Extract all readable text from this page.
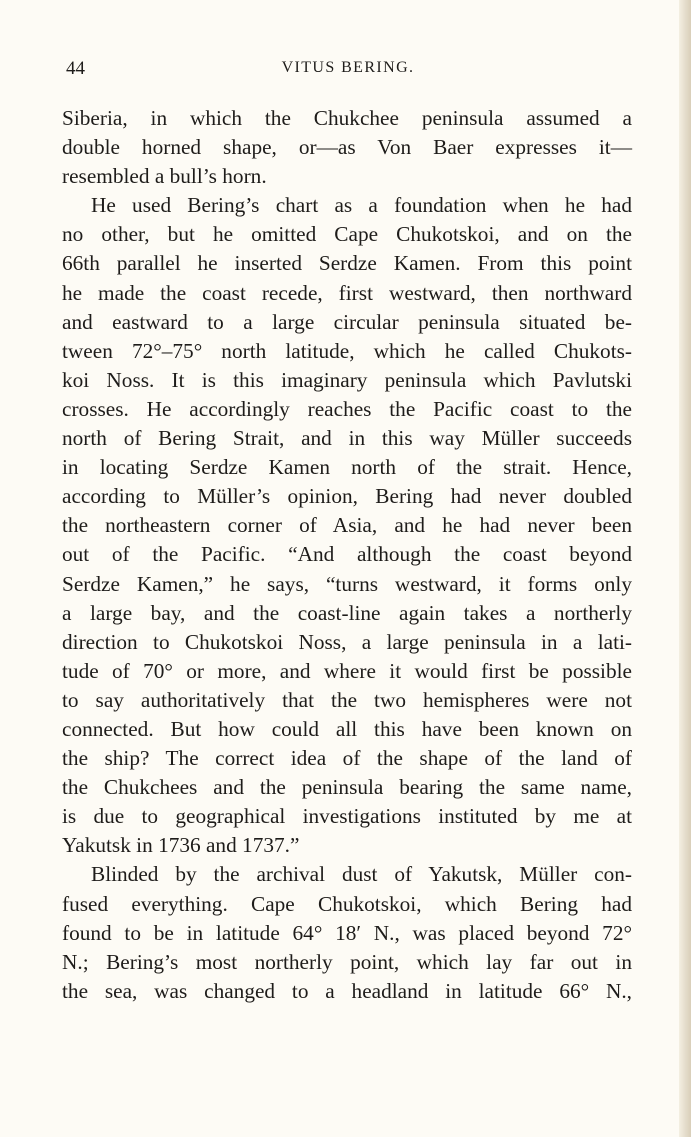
44	VITUS BERING.
Siberia, in which the Chukchee peninsula assumed a
double horned shape, or—as Von Baer expresses it—
resembled a bull’s horn.
He used Bering’s chart as a foundation when he had
no other, but he omitted Cape Chukotskoi, and on the
66th parallel he inserted Serdze Kamen. From this point
he made the coast recede, first westward, then northward
and eastward to a large circular peninsula situated be-
tween 72°–75° north latitude, which he called Chukots-
koi Noss. It is this imaginary peninsula which Pavlutski
crosses. He accordingly reaches the Pacific coast to the
north of Bering Strait, and in this way Müller succeeds
in locating Serdze Kamen north of the strait. Hence,
according to Müller’s opinion, Bering had never doubled
the northeastern corner of Asia, and he had never been
out of the Pacific. “And although the coast beyond
Serdze Kamen,” he says, “turns westward, it forms only
a large bay, and the coast-line again takes a northerly
direction to Chukotskoi Noss, a large peninsula in a lati-
tude of 70° or more, and where it would first be possible
to say authoritatively that the two hemispheres were not
connected. But how could all this have been known on
the ship? The correct idea of the shape of the land of
the Chukchees and the peninsula bearing the same name,
is due to geographical investigations instituted by me at
Yakutsk in 1736 and 1737.”
Blinded by the archival dust of Yakutsk, Müller con-
fused everything. Cape Chukotskoi, which Bering had
found to be in latitude 64° 18′ N., was placed beyond 72°
N.; Bering’s most northerly point, which lay far out in
the sea, was changed to a headland in latitude 66° N.,
